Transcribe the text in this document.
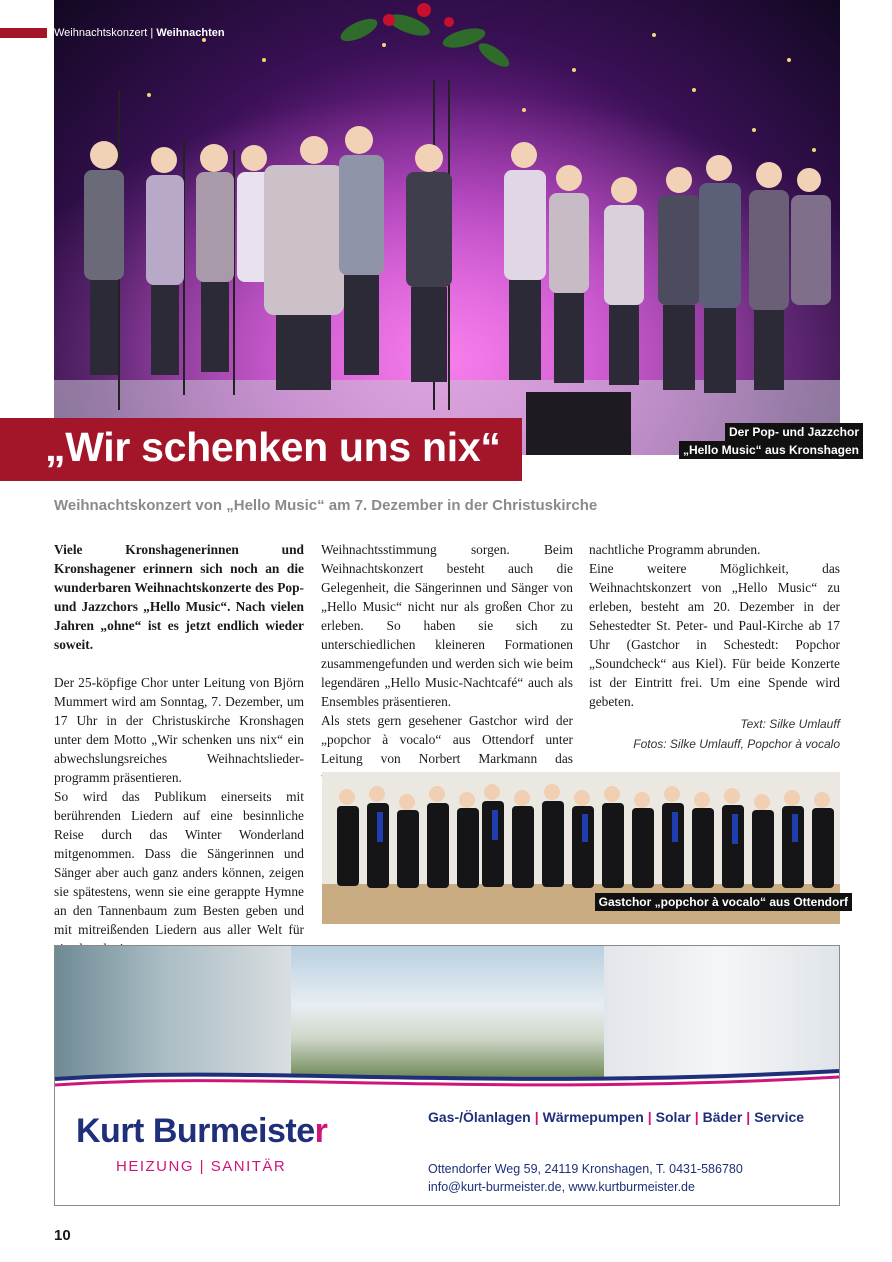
Weihnachtskonzert | Weihnachten
„Wir schenken uns nix“	Der Pop- und Jazzchor
„Hello Music“ aus Kronshagen
Weihnachtskonzert von „Hello Music“ am 7. Dezember in der Christuskirche

Viele Kronshagenerinnen und Kronshagener erinnern sich noch an die wunderbaren Weihnachtskonzerte des Pop- und Jazzchors „Hello Music“. Nach vielen Jahren „ohne“ ist es jetzt endlich wieder soweit.

Der 25-köpfige Chor unter Leitung von Björn Mummert wird am Sonntag, 7. Dezember, um 17 Uhr in der Christuskirche Kronshagen unter dem Motto „Wir schenken uns nix“ ein abwechslungsreiches Weihnachtsliederprogramm präsentieren.

So wird das Publikum einerseits mit berührenden Liedern auf eine besinnliche Reise durch das Winter Wonderland mitgenommen. Dass die Sängerinnen und Sänger aber auch ganz anders können, zeigen sie spätestens, wenn sie eine gerappte Hymne an den Tannenbaum zum Besten geben und mit mitreißenden Liedern aus aller Welt für

Weihnachtsstimmung sorgen. Beim Weihnachtskonzert besteht auch die Gelegenheit, die Sängerinnen und Sänger von „Hello Music“ nicht nur als großen Chor zu erleben. So haben sie sich zu unterschiedlichen kleineren Formationen zusammengefunden und werden sich wie beim legendären „Hello Music-Nachtcafé“ auch als Ensembles präsentieren.

Als stets gern gesehener Gastchor wird der „popchor à vocalo“ aus Ottendorf unter Leitung von Norbert Markmann das

nachtliche Programm abrunden.

Eine weitere Möglichkeit, das Weihnachtskonzert von „Hello Music“ zu erleben, besteht am 20. Dezember in der Sehestedter St. Peter- und Paul-Kirche ab 17 Uhr (Gastchor in Schestedt: Popchor „Soundcheck“ aus Kiel). Für beide Konzerte ist der Eintritt frei. Um eine Spende wird gebeten.

Text: Silke Umlauff
Fotos: Silke Umlauff, Popchor à vocalo
Gastchor „popchor à vocalo“ aus Ottendorf
Kurt Burmeister
HEIZUNG | SANITÄR
Gas-/Ölanlagen | Wärmepumpen | Solar | Bäder | Service
Ottendorfer Weg 59, 24119 Kronshagen, T. 0431-586780
info@kurt-burmeister.de, www.kurtburmeister.de
10
